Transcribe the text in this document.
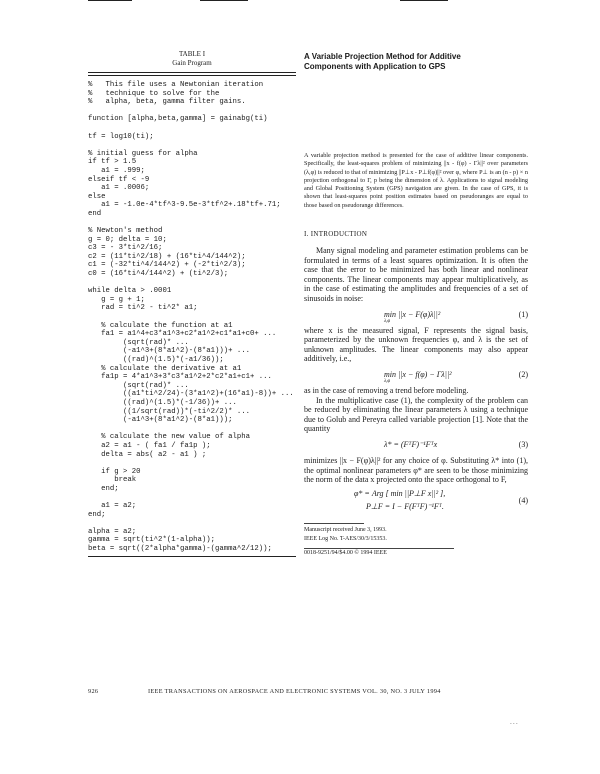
TABLE I
Gain Program
%   This file uses a Newtonian iteration
%   technique to solve for the
%   alpha, beta, gamma filter gains.

function [alpha,beta,gamma] = gainabg(ti)

tf = log10(ti);

% initial guess for alpha
if tf > 1.5
a1 = .999;
elseif tf < -9
a1 = .0006;
else
a1 = -1.0e-4*tf^3-9.5e-3*tf^2+.18*tf+.71;
end

% Newton's method
g = 0; delta = 10;
c3 = - 3*ti^2/16;
c2 = (11*ti^2/18) + (16*ti^4/144^2);
c1 = (-32*ti^4/144^2) + (-2*ti^2/3);
c0 = (16*ti^4/144^2) + (ti^2/3);

while delta > .0001
g = g + 1;
rad = ti^2 - ti^2* a1;

% calculate the function at a1
fa1 = a1^4+c3*a1^3+c2*a1^2+c1*a1+c0+ ...
(sqrt(rad)* ...
(-a1^3+(8*a1^2)-(8*a1)))+ ...
((rad)^(1.5)*(-a1/36));
% calculate the derivative at a1
fa1p = 4*a1^3+3*c3*a1^2+2*c2*a1+c1+ ...
(sqrt(rad)* ...
((a1*ti^2/24)-(3*a1^2)+(16*a1)-8))+ ...
((rad)^(1.5)*(-1/36))+ ...
((1/sqrt(rad))*(-ti^2/2)* ...
(-a1^3+(8*a1^2)-(8*a1)));

% calculate the new value of alpha
a2 = a1 - ( fa1 / fa1p );
delta = abs( a2 - a1 ) ;

if g > 20
break
end;

a1 = a2;
end;

alpha = a2;
gamma = sqrt(ti^2*(1-alpha));
beta = sqrt((2*alpha*gamma)-(gamma^2/12));
A Variable Projection Method for Additive
Components with Application to GPS

A variable projection method is presented for the case of additive linear components. Specifically, the least-squares problem of minimizing ||x - f(φ) - Γλ||² over parameters (λ,φ) is reduced to that of minimizing ||P⊥x - P⊥f(φ)||² over φ, where P⊥ is an (n - p) × n projection orthogonal to Γ, p being the dimension of λ. Applications to signal modeling and Global Positioning System (GPS) navigation are given. In the case of GPS, it is shown that least-squares point position estimates based on pseudoranges are equal to those based on pseudorange differences.

I. INTRODUCTION

Many signal modeling and parameter estimation problems can be formulated in terms of a least squares optimization. It is often the case that the error to be minimized has both linear and nonlinear components. The linear components may appear multiplicatively, as in the case of estimating the amplitudes and frequencies of a set of sinusoids in noise:

min ||x − F(φ)λ||²
λ,φ
(1)

where x is the measured signal, F represents the signal basis, parameterized by the unknown frequencies φ, and λ is the set of unknown amplitudes. The linear components may also appear additively, i.e.,

min ||x − f(φ) − Γλ||²
λ,φ
(2)

as in the case of removing a trend before modeling.

In the multiplicative case (1), the complexity of the problem can be reduced by eliminating the linear parameters λ using a technique due to Golub and Pereyra called variable projection [1]. Note that the quantity

λ* = (FᵀF)⁻¹Fᵀx	(3)

minimizes ||x − F(φ)λ||² for any choice of φ. Substituting λ* into (1), the optimal nonlinear parameters φ* are seen to be those minimizing the norm of the data x projected onto the space orthogonal to F,

φ* = Arg [ min ||P⊥F x||² ],
P⊥F = I − F(FᵀF)⁻¹Fᵀ.
(4)
Manuscript received June 3, 1993.
IEEE Log No. T-AES/30/3/15353.
0018-9251/94/$4.00 © 1994 IEEE
926	IEEE TRANSACTIONS ON AEROSPACE AND ELECTRONIC SYSTEMS VOL. 30, NO. 3 JULY 1994
- - -
